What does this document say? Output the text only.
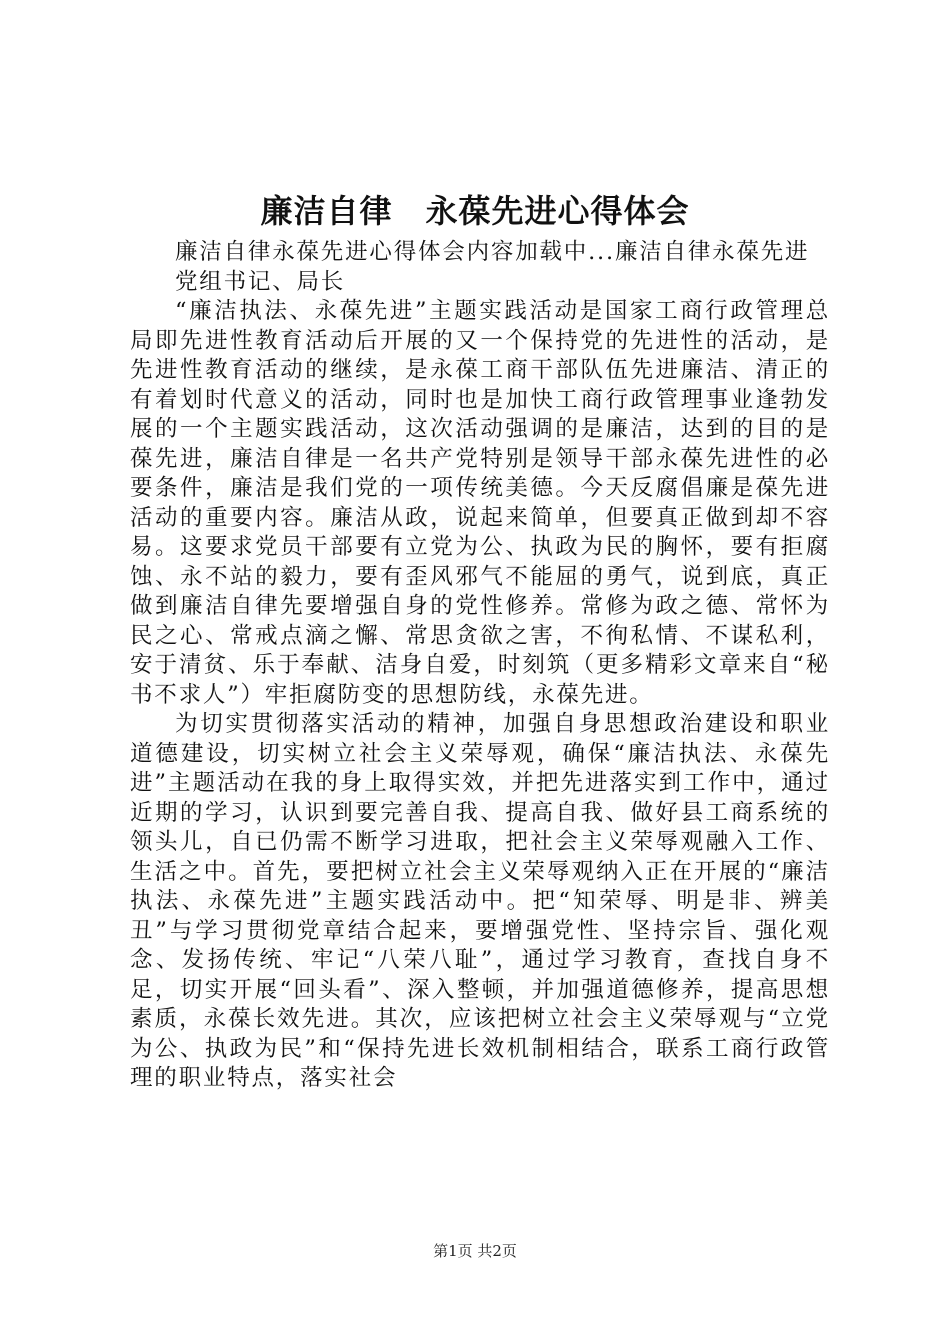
廉洁自律　永葆先进心得体会

廉洁自律永葆先进心得体会内容加载中...廉洁自律永葆先进

党组书记、局长

“廉洁执法、永葆先进”主题实践活动是国家工商行政管理总局即先进性教育活动后开展的又一个保持党的先进性的活动，是先进性教育活动的继续，是永葆工商干部队伍先进廉洁、清正的有着划时代意义的活动，同时也是加快工商行政管理事业逢勃发展的一个主题实践活动，这次活动强调的是廉洁，达到的目的是葆先进，廉洁自律是一名共产党特别是领导干部永葆先进性的必要条件，廉洁是我们党的一项传统美德。今天反腐倡廉是葆先进活动的重要内容。廉洁从政，说起来简单，但要真正做到却不容易。这要求党员干部要有立党为公、执政为民的胸怀，要有拒腐蚀、永不站的毅力，要有歪风邪气不能屈的勇气，说到底，真正做到廉洁自律先要增强自身的党性修养。常修为政之德、常怀为民之心、常戒点滴之懈、常思贪欲之害，不徇私情、不谋私利，安于清贫、乐于奉献、洁身自爱，时刻筑（更多精彩文章来自“秘书不求人”）牢拒腐防变的思想防线，永葆先进。

为切实贯彻落实活动的精神，加强自身思想政治建设和职业道德建设，切实树立社会主义荣辱观，确保“廉洁执法、永葆先进”主题活动在我的身上取得实效，并把先进落实到工作中，通过近期的学习，认识到要完善自我、提高自我、做好县工商系统的领头儿，自已仍需不断学习进取，把社会主义荣辱观融入工作、生活之中。首先，要把树立社会主义荣辱观纳入正在开展的“廉洁执法、永葆先进”主题实践活动中。把“知荣辱、明是非、辨美丑”与学习贯彻党章结合起来，要增强党性、坚持宗旨、强化观念、发扬传统、牢记“八荣八耻”，通过学习教育，查找自身不足，切实开展“回头看”、深入整顿，并加强道德修养，提高思想素质，永葆长效先进。其次，应该把树立社会主义荣辱观与“立党为公、执政为民”和“保持先进长效机制相结合，联系工商行政管理的职业特点，落实社会

第1页 共2页
